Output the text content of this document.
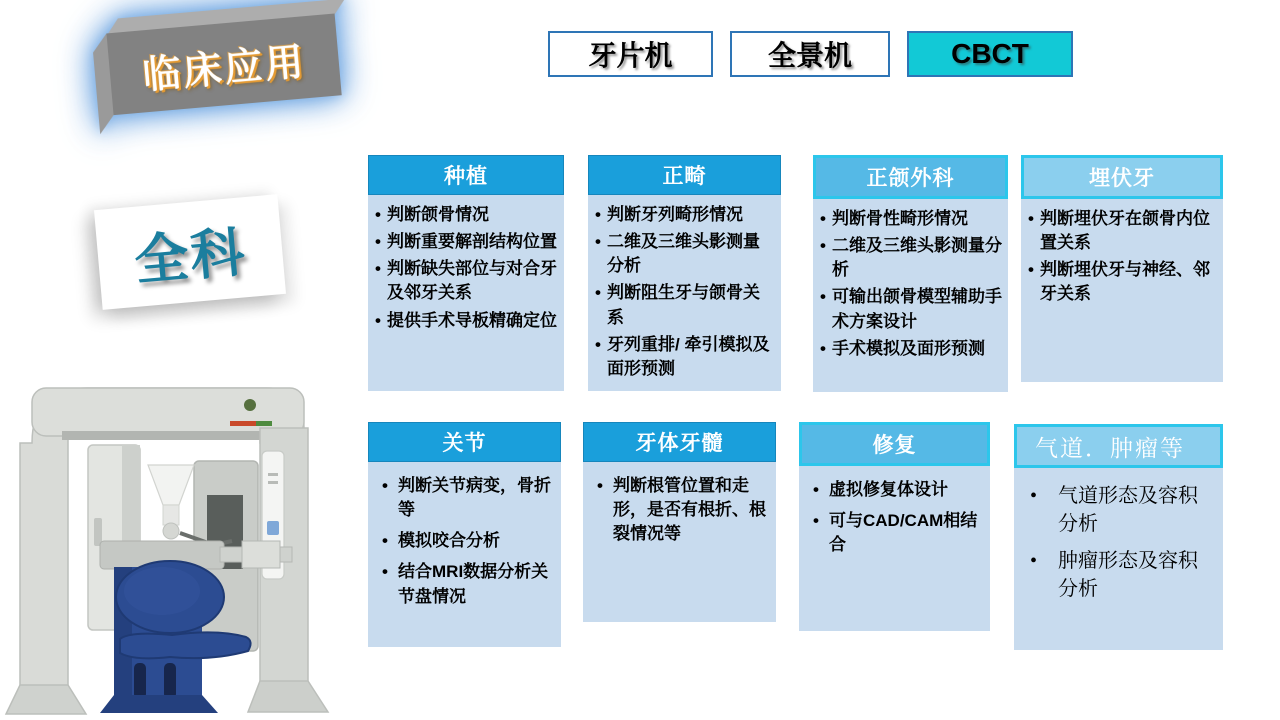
临床应用	牙片机	全景机	CBCT
全科
种植
• 判断颌骨情况
• 判断重要解剖结构位置
• 判断缺失部位与对合牙及邻牙关系
• 提供手术导板精确定位
正畸
• 判断牙列畸形情况
• 二维及三维头影测量分析
• 判断阻生牙与颌骨关系
• 牙列重排/ 牵引模拟及面形预测
正颌外科
• 判断骨性畸形情况
• 二维及三维头影测量分析
• 可输出颌骨模型辅助手术方案设计
• 手术模拟及面形预测
埋伏牙
• 判断埋伏牙在颌骨内位置关系
• 判断埋伏牙与神经、邻牙关系
关节
• 判断关节病变，骨折等
• 模拟咬合分析
• 结合MRI数据分析关节盘情况
牙体牙髓
• 判断根管位置和走形，是否有根折、根裂情况等
修复
• 虚拟修复体设计
• 可与CAD/CAM相结合
气道．肿瘤等
• 气道形态及容积分析
• 肿瘤形态及容积分析
